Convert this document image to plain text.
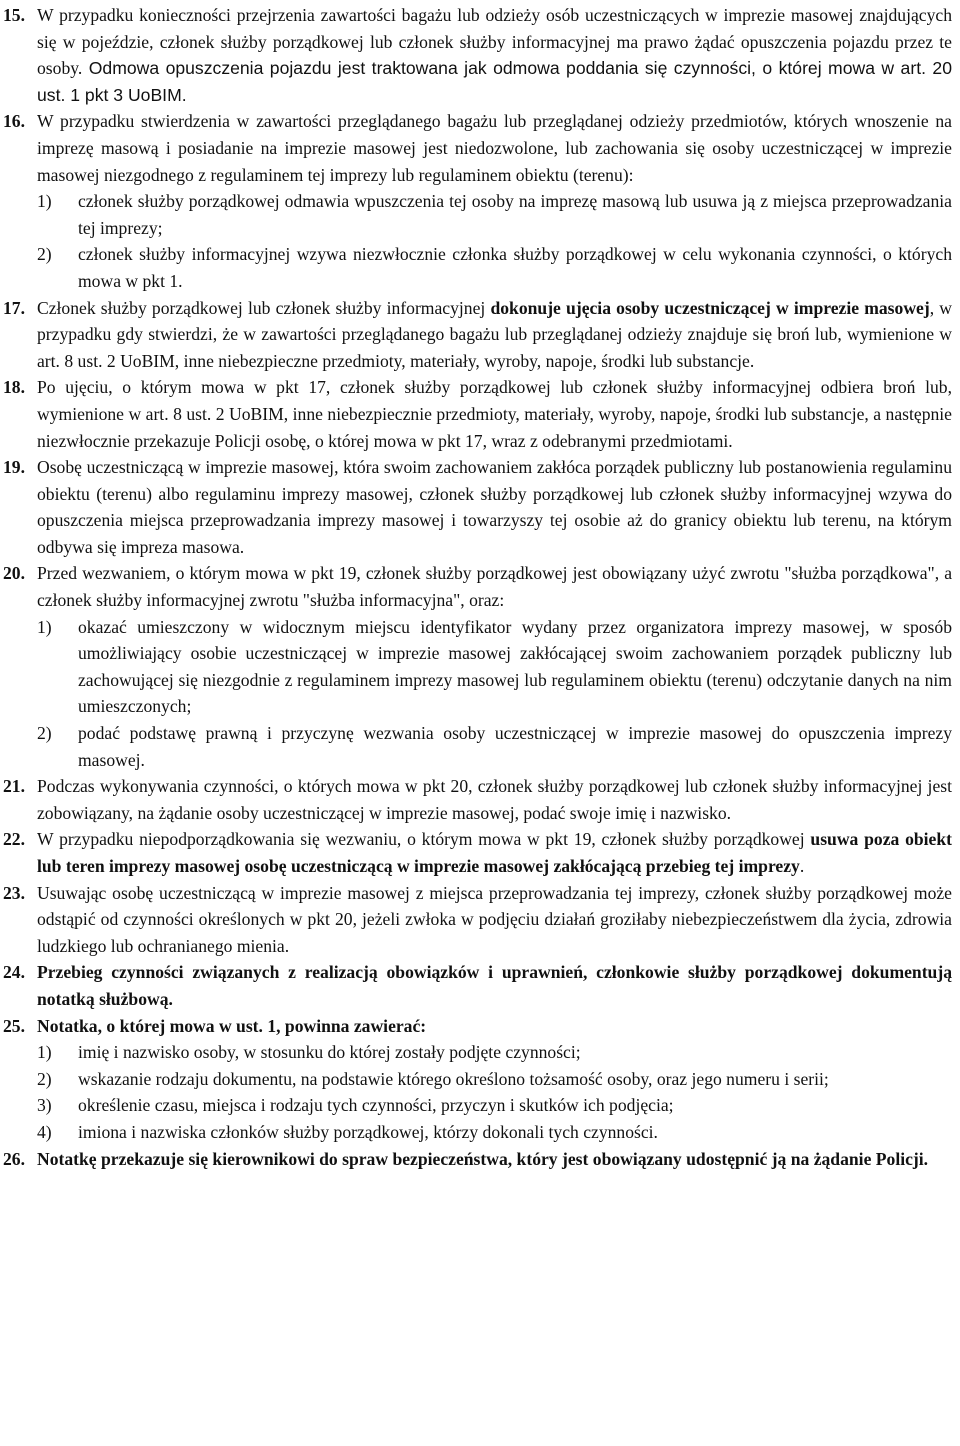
15. W przypadku konieczności przejrzenia zawartości bagażu lub odzieży osób uczestniczących w imprezie masowej znajdujących się w pojeździe, członek służby porządkowej lub członek służby informacyjnej ma prawo żądać opuszczenia pojazdu przez te osoby. Odmowa opuszczenia pojazdu jest traktowana jak odmowa poddania się czynności, o której mowa w art. 20 ust. 1 pkt 3 UoBIM.
16. W przypadku stwierdzenia w zawartości przeglądanego bagażu lub przeglądanej odzieży przedmiotów, których wnoszenie na imprezę masową i posiadanie na imprezie masowej jest niedozwolone, lub zachowania się osoby uczestniczącej w imprezie masowej niezgodnego z regulaminem tej imprezy lub regulaminem obiektu (terenu):
1)	członek służby porządkowej odmawia wpuszczenia tej osoby na imprezę masową lub usuwa ją z miejsca przeprowadzania tej imprezy;
2)	członek służby informacyjnej wzywa niezwłocznie członka służby porządkowej w celu wykonania czynności, o których mowa w pkt 1.
17. Członek służby porządkowej lub członek służby informacyjnej dokonuje ujęcia osoby uczestniczącej w imprezie masowej, w przypadku gdy stwierdzi, że w zawartości przeglądanego bagażu lub przeglądanej odzieży znajduje się broń lub, wymienione w art. 8 ust. 2 UoBIM, inne niebezpieczne przedmioty, materiały, wyroby, napoje, środki lub substancje.
18. Po ujęciu, o którym mowa w pkt 17, członek służby porządkowej lub członek służby informacyjnej odbiera broń lub, wymienione w art. 8 ust. 2 UoBIM, inne niebezpiecznie przedmioty, materiały, wyroby, napoje, środki lub substancje, a następnie niezwłocznie przekazuje Policji osobę, o której mowa w pkt 17, wraz z odebranymi przedmiotami.
19. Osobę uczestniczącą w imprezie masowej, która swoim zachowaniem zakłóca porządek publiczny lub postanowienia regulaminu obiektu (terenu) albo regulaminu imprezy masowej, członek służby porządkowej lub członek służby informacyjnej wzywa do opuszczenia miejsca przeprowadzania imprezy masowej i towarzyszy tej osobie aż do granicy obiektu lub terenu, na którym odbywa się impreza masowa.
20. Przed wezwaniem, o którym mowa w pkt 19, członek służby porządkowej jest obowiązany użyć zwrotu "służba porządkowa", a członek służby informacyjnej zwrotu "służba informacyjna", oraz:
1)	okazać umieszczony w widocznym miejscu identyfikator wydany przez organizatora imprezy masowej, w sposób umożliwiający osobie uczestniczącej w imprezie masowej zakłócającej swoim zachowaniem porządek publiczny lub zachowującej się niezgodnie z regulaminem imprezy masowej lub regulaminem obiektu (terenu) odczytanie danych na nim umieszczonych;
2)	podać podstawę prawną i przyczynę wezwania osoby uczestniczącej w imprezie masowej do opuszczenia imprezy masowej.
21. Podczas wykonywania czynności, o których mowa w pkt 20, członek służby porządkowej lub członek służby informacyjnej jest zobowiązany, na żądanie osoby uczestniczącej w imprezie masowej, podać swoje imię i nazwisko.
22. W przypadku niepodporządkowania się wezwaniu, o którym mowa w pkt 19, członek służby porządkowej usuwa poza obiekt lub teren imprezy masowej osobę uczestniczącą w imprezie masowej zakłócającą przebieg tej imprezy.
23. Usuwając osobę uczestniczącą w imprezie masowej z miejsca przeprowadzania tej imprezy, członek służby porządkowej może odstąpić od czynności określonych w pkt 20, jeżeli zwłoka w podjęciu działań groziłaby niebezpieczeństwem dla życia, zdrowia ludzkiego lub ochranianego mienia.
24. Przebieg czynności związanych z realizacją obowiązków i uprawnień, członkowie służby porządkowej dokumentują notatką służbową.
25. Notatka, o której mowa w ust. 1, powinna zawierać:
1)	imię i nazwisko osoby, w stosunku do której zostały podjęte czynności;
2)	wskazanie rodzaju dokumentu, na podstawie którego określono tożsamość osoby, oraz jego numeru i serii;
3)	określenie czasu, miejsca i rodzaju tych czynności, przyczyn i skutków ich podjęcia;
4)	imiona i nazwiska członków służby porządkowej, którzy dokonali tych czynności.
26. Notatkę przekazuje się kierownikowi do spraw bezpieczeństwa, który jest obowiązany udostępnić ją na żądanie Policji.
